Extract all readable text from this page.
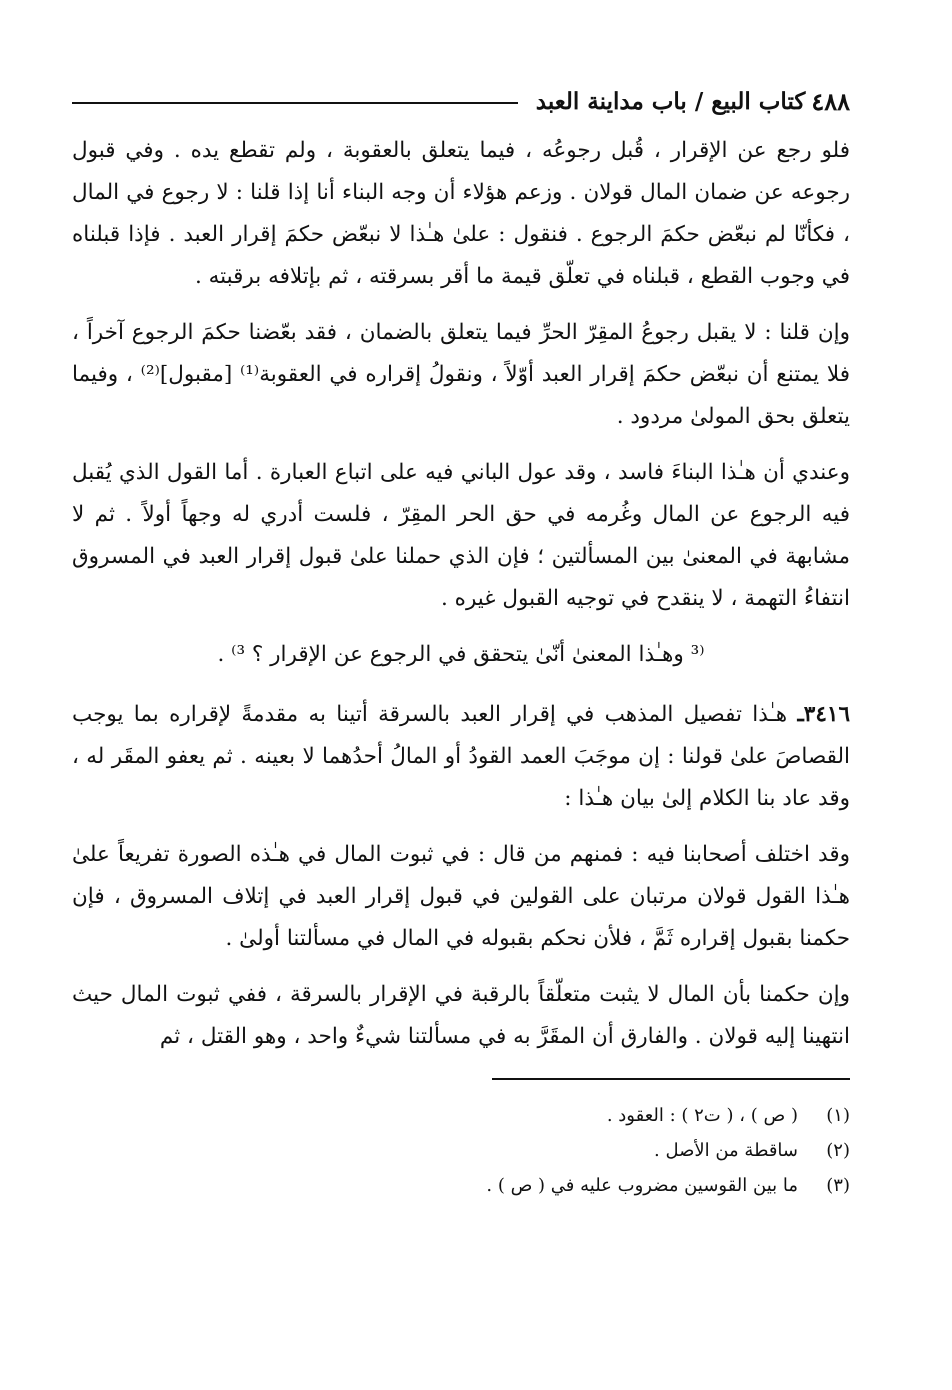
٤٨٨
كتاب البيع / باب مداينة العبد

فلو رجع عن الإقرار ، قُبل رجوعُه ، فيما يتعلق بالعقوبة ، ولم تقطع يده . وفي قبول رجوعه عن ضمان المال قولان . وزعم هؤلاء أن وجه البناء أنا إذا قلنا : لا رجوع في المال ، فكأنّا لم نبعّض حكمَ الرجوع . فنقول : علىٰ هـٰذا لا نبعّض حكمَ إقرار العبد . فإذا قبلناه في وجوب القطع ، قبلناه في تعلّق قيمة ما أقر بسرقته ، ثم بإتلافه برقبته .

وإن قلنا : لا يقبل رجوعُ المقِرّ الحرِّ فيما يتعلق بالضمان ، فقد بعّضنا حكمَ الرجوع آخراً ، فلا يمتنع أن نبعّض حكمَ إقرار العبد أوّلاً ، ونقولُ إقراره في العقوبة⁽¹⁾ [مقبول]⁽²⁾ ، وفيما يتعلق بحق المولىٰ مردود .

وعندي أن هـٰذا البناءَ فاسد ، وقد عول الباني فيه على اتباع العبارة . أما القول الذي يُقبل فيه الرجوع عن المال وغُرمه في حق الحر المقِرّ ، فلست أدري له وجهاً أولاً . ثم لا مشابهة في المعنىٰ بين المسألتين ؛ فإن الذي حملنا علىٰ قبول إقرار العبد في المسروق انتفاءُ التهمة ، لا ينقدح في توجيه القبول غيره .

⁽³ وهـٰذا المعنىٰ أنّىٰ يتحقق في الرجوع عن الإقرار ؟ ³⁾ .

٣٤١٦ـ هـٰذا تفصيل المذهب في إقرار العبد بالسرقة أتينا به مقدمةً لإقراره بما يوجب القصاصَ علىٰ قولنا : إن موجَبَ العمد القودُ أو المالُ أحدُهما لا بعينه . ثم يعفو المقَر له ، وقد عاد بنا الكلام إلىٰ بيان هـٰذا :

وقد اختلف أصحابنا فيه : فمنهم من قال : في ثبوت المال في هـٰذه الصورة تفريعاً علىٰ هـٰذا القول قولان مرتبان على القولين في قبول إقرار العبد في إتلاف المسروق ، فإن حكمنا بقبول إقراره ثَمَّ ، فلأن نحكم بقبوله في المال في مسألتنا أولىٰ .

وإن حكمنا بأن المال لا يثبت متعلّقاً بالرقبة في الإقرار بالسرقة ، ففي ثبوت المال حيث انتهينا إليه قولان . والفارق أن المقَرَّ به في مسألتنا شيءٌ واحد ، وهو القتل ، ثم

(١)
( ص ) ، ( ت٢ ) : العقود .
(٢)
ساقطة من الأصل .
(٣)
ما بين القوسين مضروب عليه في ( ص ) .
